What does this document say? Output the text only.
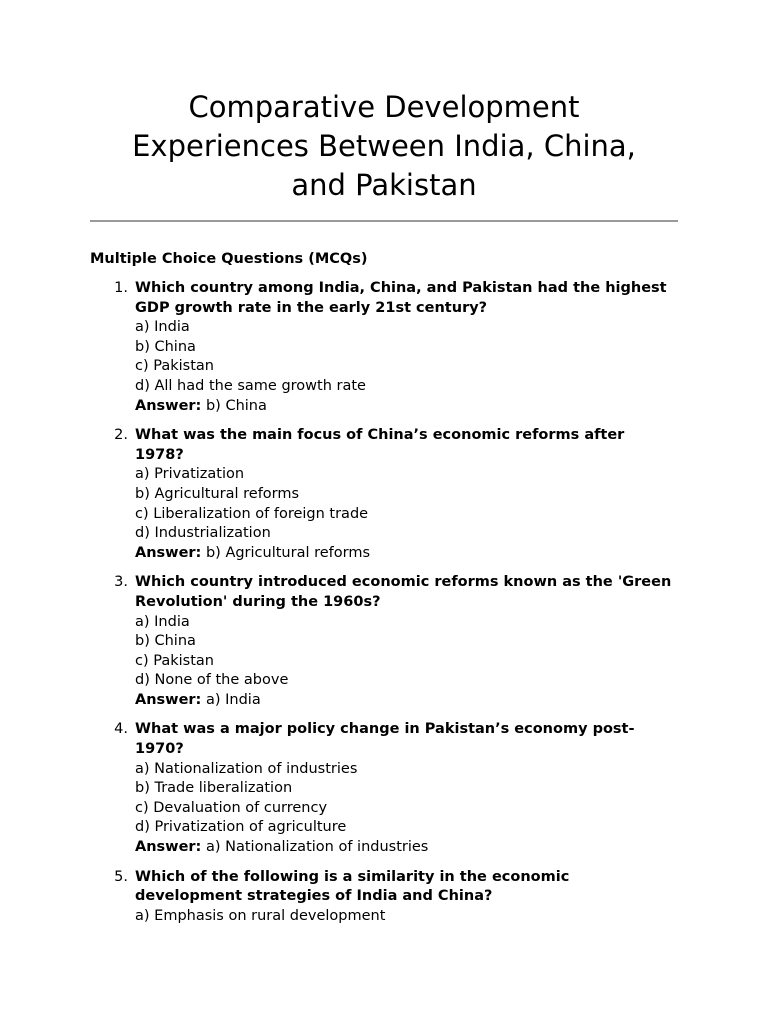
Comparative Development Experiences Between India, China, and Pakistan
Multiple Choice Questions (MCQs)
1. Which country among India, China, and Pakistan had the highest GDP growth rate in the early 21st century?
a) India
b) China
c) Pakistan
d) All had the same growth rate
Answer: b) China
2. What was the main focus of China’s economic reforms after 1978?
a) Privatization
b) Agricultural reforms
c) Liberalization of foreign trade
d) Industrialization
Answer: b) Agricultural reforms
3. Which country introduced economic reforms known as the 'Green Revolution' during the 1960s?
a) India
b) China
c) Pakistan
d) None of the above
Answer: a) India
4. What was a major policy change in Pakistan’s economy post-1970?
a) Nationalization of industries
b) Trade liberalization
c) Devaluation of currency
d) Privatization of agriculture
Answer: a) Nationalization of industries
5. Which of the following is a similarity in the economic development strategies of India and China?
a) Emphasis on rural development
